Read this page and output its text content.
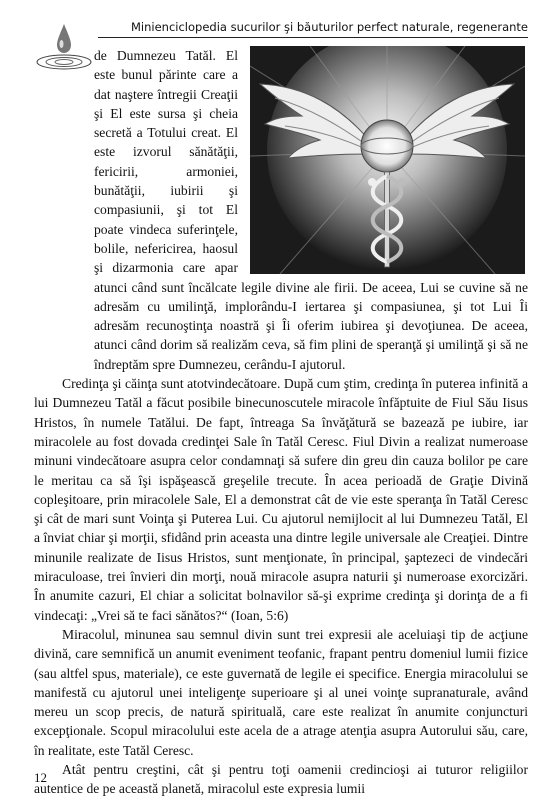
Minienciclopedia sucurilor şi băuturilor perfect naturale, regenerante

de Dumnezeu Tatăl. El este bunul părinte care a dat naştere întregii Creaţii şi El este sursa şi cheia secretă a Totului creat. El este izvorul sănătăţii, fericirii, armoniei, bunătăţii, iubirii şi compasiunii, şi tot El poate vindeca suferinţele, bolile, nefericirea, haosul şi dizarmonia care apar atunci când sunt încălcate legile divine ale firii. De aceea, Lui se cuvine să ne adresăm cu umilinţă, implorându-I iertarea şi compasiunea, şi tot Lui Îi adresăm recunoştinţa noastră şi Îi oferim iubirea şi devoţiunea. De aceea, atunci când dorim să realizăm ceva, să fim plini de speranţă şi umilinţă şi să ne îndreptăm spre Dumnezeu, cerându-I ajutorul.

Credinţa şi căinţa sunt atotvindecătoare. După cum ştim, credinţa în puterea infinită a lui Dumnezeu Tatăl a făcut posibile binecunoscutele miracole înfăptuite de Fiul Său Iisus Hristos, în numele Tatălui. De fapt, întreaga Sa învăţătură se bazează pe iubire, iar miracolele au fost dovada credinţei Sale în Tatăl Ceresc. Fiul Divin a realizat numeroase minuni vindecătoare asupra celor condamnaţi să sufere din greu din cauza bolilor pe care le meritau ca să îşi ispăşească greşelile trecute. În acea perioadă de Graţie Divină copleşitoare, prin miracolele Sale, El a demonstrat cât de vie este speranţa în Tatăl Ceresc şi cât de mari sunt Voinţa şi Puterea Lui. Cu ajutorul nemijlocit al lui Dumnezeu Tatăl, El a înviat chiar şi morţii, sfidând prin aceasta una dintre legile universale ale Creaţiei. Dintre minunile realizate de Iisus Hristos, sunt menţionate, în principal, şaptezeci de vindecări miraculoase, trei învieri din morţi, nouă miracole asupra naturii şi numeroase exorcizări. În anumite cazuri, El chiar a solicitat bolnavilor să-şi exprime credinţa şi dorinţa de a fi vindecaţi: „Vrei să te faci sănătos?“ (Ioan, 5:6)

Miracolul, minunea sau semnul divin sunt trei expresii ale aceluiaşi tip de acţiune divină, care semnifică un anumit eveniment teofanic, frapant pentru domeniul lumii fizice (sau altfel spus, materiale), ce este guvernată de legile ei specifice. Energia miracolului se manifestă cu ajutorul unei inteligenţe superioare şi al unei voinţe supranaturale, având mereu un scop precis, de natură spirituală, care este realizat în anumite conjuncturi excepţionale. Scopul miracolului este acela de a atrage atenţia asupra Autorului său, care, în realitate, este Tatăl Ceresc.

Atât pentru creştini, cât şi pentru toţi oamenii credincioşi ai tuturor religiilor autentice de pe această planetă, miracolul este expresia lumii

12
